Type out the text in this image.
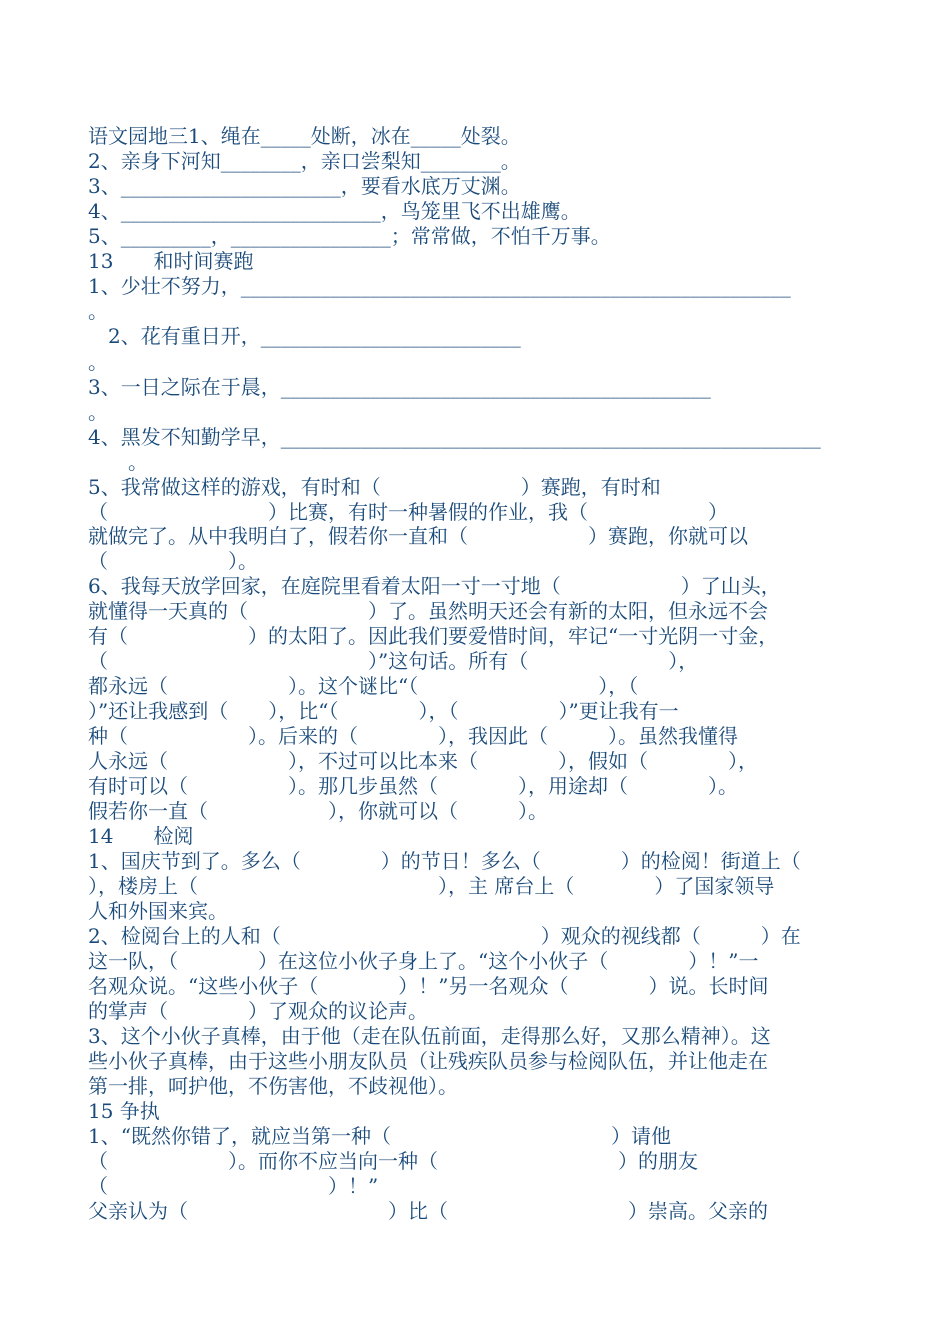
语文园地三1、绳在_____处断，冰在_____处裂。
2、亲身下河知________，亲口尝梨知________。
3、______________________，要看水底万丈渊。
4、__________________________，鸟笼里飞不出雄鹰。
5、_________，________________；常常做，不怕千万事。
13　　和时间赛跑
1、少壮不努力，_______________________________________________________
。
　2、花有重日开，__________________________
。
3、一日之际在于晨，___________________________________________
。
4、黑发不知勤学早，______________________________________________________
　　。
5、我常做这样的游戏，有时和（　　　　　　　）赛跑，有时和
（　　　　　　　　）比赛，有时一种暑假的作业，我（　　　　　　）
就做完了。从中我明白了，假若你一直和（　　　　　　）赛跑，你就可以
（　　　　　　）。
6、我每天放学回家，在庭院里看着太阳一寸一寸地（　　　　　　）了山头，
就懂得一天真的（　　　　　　）了。虽然明天还会有新的太阳，但永远不会
有（　　　　　　）的太阳了。因此我们要爱惜时间，牢记“一寸光阴一寸金，
（　　　　　　　　　　　　　）”这句话。所有（　　　　　　　），
都永远（　　　　　　）。这个谜比“（　　　　　　　　　），（
）”还让我感到（　　），比“（　　　　），（　　　　　）”更让我有一
种（　　　　　　）。后来的（　　　　），我因此（　　　）。虽然我懂得
人永远（　　　　　　），不过可以比本来（　　　　），假如（　　　　），
有时可以（　　　　　）。那几步虽然（　　　　），用途却（　　　　）。
假若你一直（　　　　　　），你就可以（　　　）。
14　　检阅
1、国庆节到了。多么（　　　　）的节日！多么（　　　　）的检阅！街道上（
），楼房上（　　　　　　　　　　　　），主 席台上（　　　　）了国家领导
人和外国来宾。
2、检阅台上的人和（　　　　　　　　　　　　　）观众的视线都（　　　）在
这一队，（　　　　）在这位小伙子身上了。“这个小伙子（　　　　）！”一
名观众说。“这些小伙子（　　　　）！”另一名观众（　　　　）说。长时间
的掌声（　　　　）了观众的议论声。
3、这个小伙子真棒，由于他（走在队伍前面，走得那么好，又那么精神）。这
些小伙子真棒，由于这些小朋友队员（让残疾队员参与检阅队伍，并让他走在
第一排，呵护他，不伤害他，不歧视他）。
15 争执
1、“既然你错了，就应当第一种（　　　　　　　　　　　）请他
（　　　　　　）。而你不应当向一种（　　　　　　　　　）的朋友
（　　　　　　　　　　　）！”
父亲认为（　　　　　　　　　　）比（　　　　　　　　　）崇高。父亲的
